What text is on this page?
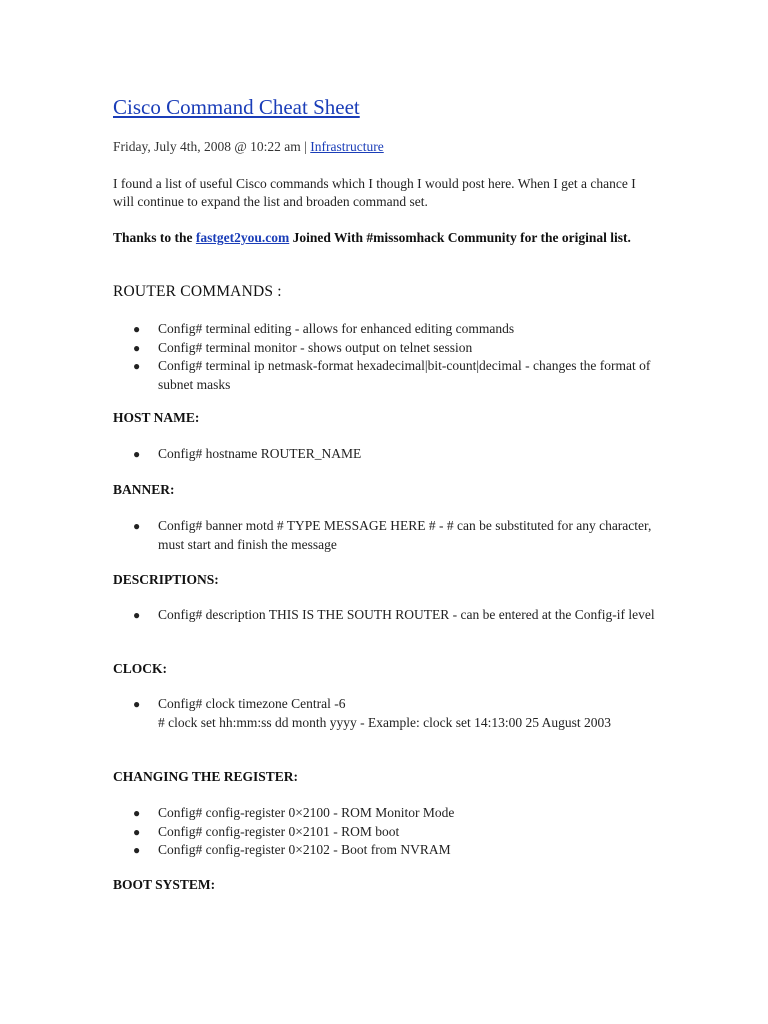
Cisco Command Cheat Sheet
Friday, July 4th, 2008 @ 10:22 am | Infrastructure

I found a list of useful Cisco commands which I though I would post here. When I get a chance I will continue to expand the list and broaden command set.

Thanks to the fastget2you.com Joined With #missomhack Community for the original list.

ROUTER COMMANDS :
● Config# terminal editing - allows for enhanced editing commands
● Config# terminal monitor - shows output on telnet session
● Config# terminal ip netmask-format hexadecimal|bit-count|decimal - changes the format of subnet masks
HOST NAME:
● Config# hostname ROUTER_NAME
BANNER:
● Config# banner motd # TYPE MESSAGE HERE # - # can be substituted for any character, must start and finish the message
DESCRIPTIONS:
● Config# description THIS IS THE SOUTH ROUTER - can be entered at the Config-if level
CLOCK:
● Config# clock timezone Central -6
# clock set hh:mm:ss dd month yyyy - Example: clock set 14:13:00 25 August 2003
CHANGING THE REGISTER:
● Config# config-register 0×2100 - ROM Monitor Mode
● Config# config-register 0×2101 - ROM boot
● Config# config-register 0×2102 - Boot from NVRAM
BOOT SYSTEM:
